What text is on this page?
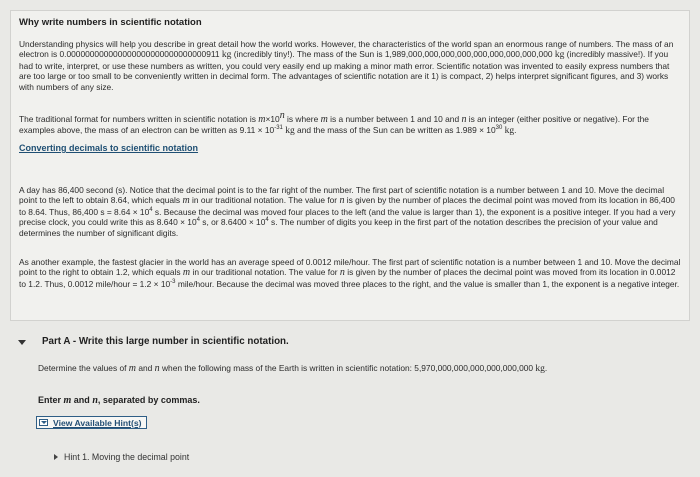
Why write numbers in scientific notation
Understanding physics will help you describe in great detail how the world works. However, the characteristics of the world span an enormous range of numbers. The mass of an electron is 0.000000000000000000000000000000911 kg (incredibly tiny!). The mass of the Sun is 1,989,000,000,000,000,000,000,000,000,000 kg (incredibly massive!). If you had to write, interpret, or use these numbers as written, you could very easily end up making a minor math error. Scientific notation was invented to easily express numbers that are too large or too small to be conveniently written in decimal form. The advantages of scientific notation are it 1) is compact, 2) helps interpret significant figures, and 3) works with numbers of any size.
The traditional format for numbers written in scientific notation is $m\times 10^n$ is where m is a number between 1 and 10 and n is an integer (either positive or negative). For the examples above, the mass of an electron can be written as $9.11 \times 10^{-31}$ kg and the mass of the Sun can be written as $1.989 \times 10^{30}$ kg.
Converting decimals to scientific notation
A day has 86,400 second (s). Notice that the decimal point is to the far right of the number. The first part of scientific notation is a number between 1 and 10. Move the decimal point to the left to obtain 8.64, which equals m in our traditional notation. The value for n is given by the number of places the decimal point was moved from its location in 86,400 to 8.64. Thus, 86,400 $s = 8.64 \times 10^4$ s. Because the decimal was moved four places to the left (and the value is larger than 1), the exponent is a positive integer. If you had a very precise clock, you could write this as $8.640 \times 10^4$ s, or $8.6400 \times 10^4$ s. The number of digits you keep in the first part of the notation describes the precision of your value and determines the number of significant digits.
As another example, the fastest glacier in the world has an average speed of 0.0012 mile/hour. The first part of scientific notation is a number between 1 and 10. Move the decimal point to the right to obtain 1.2, which equals m in our traditional notation. The value for n is given by the number of places the decimal point was moved from its location in 0.0012 to 1.2. Thus, 0.0012 mile/hour = $1.2 \times 10^{-3}$ mile/hour. Because the decimal was moved three places to the right, and the value is smaller than 1, the exponent is a negative integer.
Part A - Write this large number in scientific notation.
Determine the values of m and n when the following mass of the Earth is written in scientific notation: 5,970,000,000,000,000,000,000 kg.
Enter m and n, separated by commas.
View Available Hint(s)
Hint 1. Moving the decimal point
